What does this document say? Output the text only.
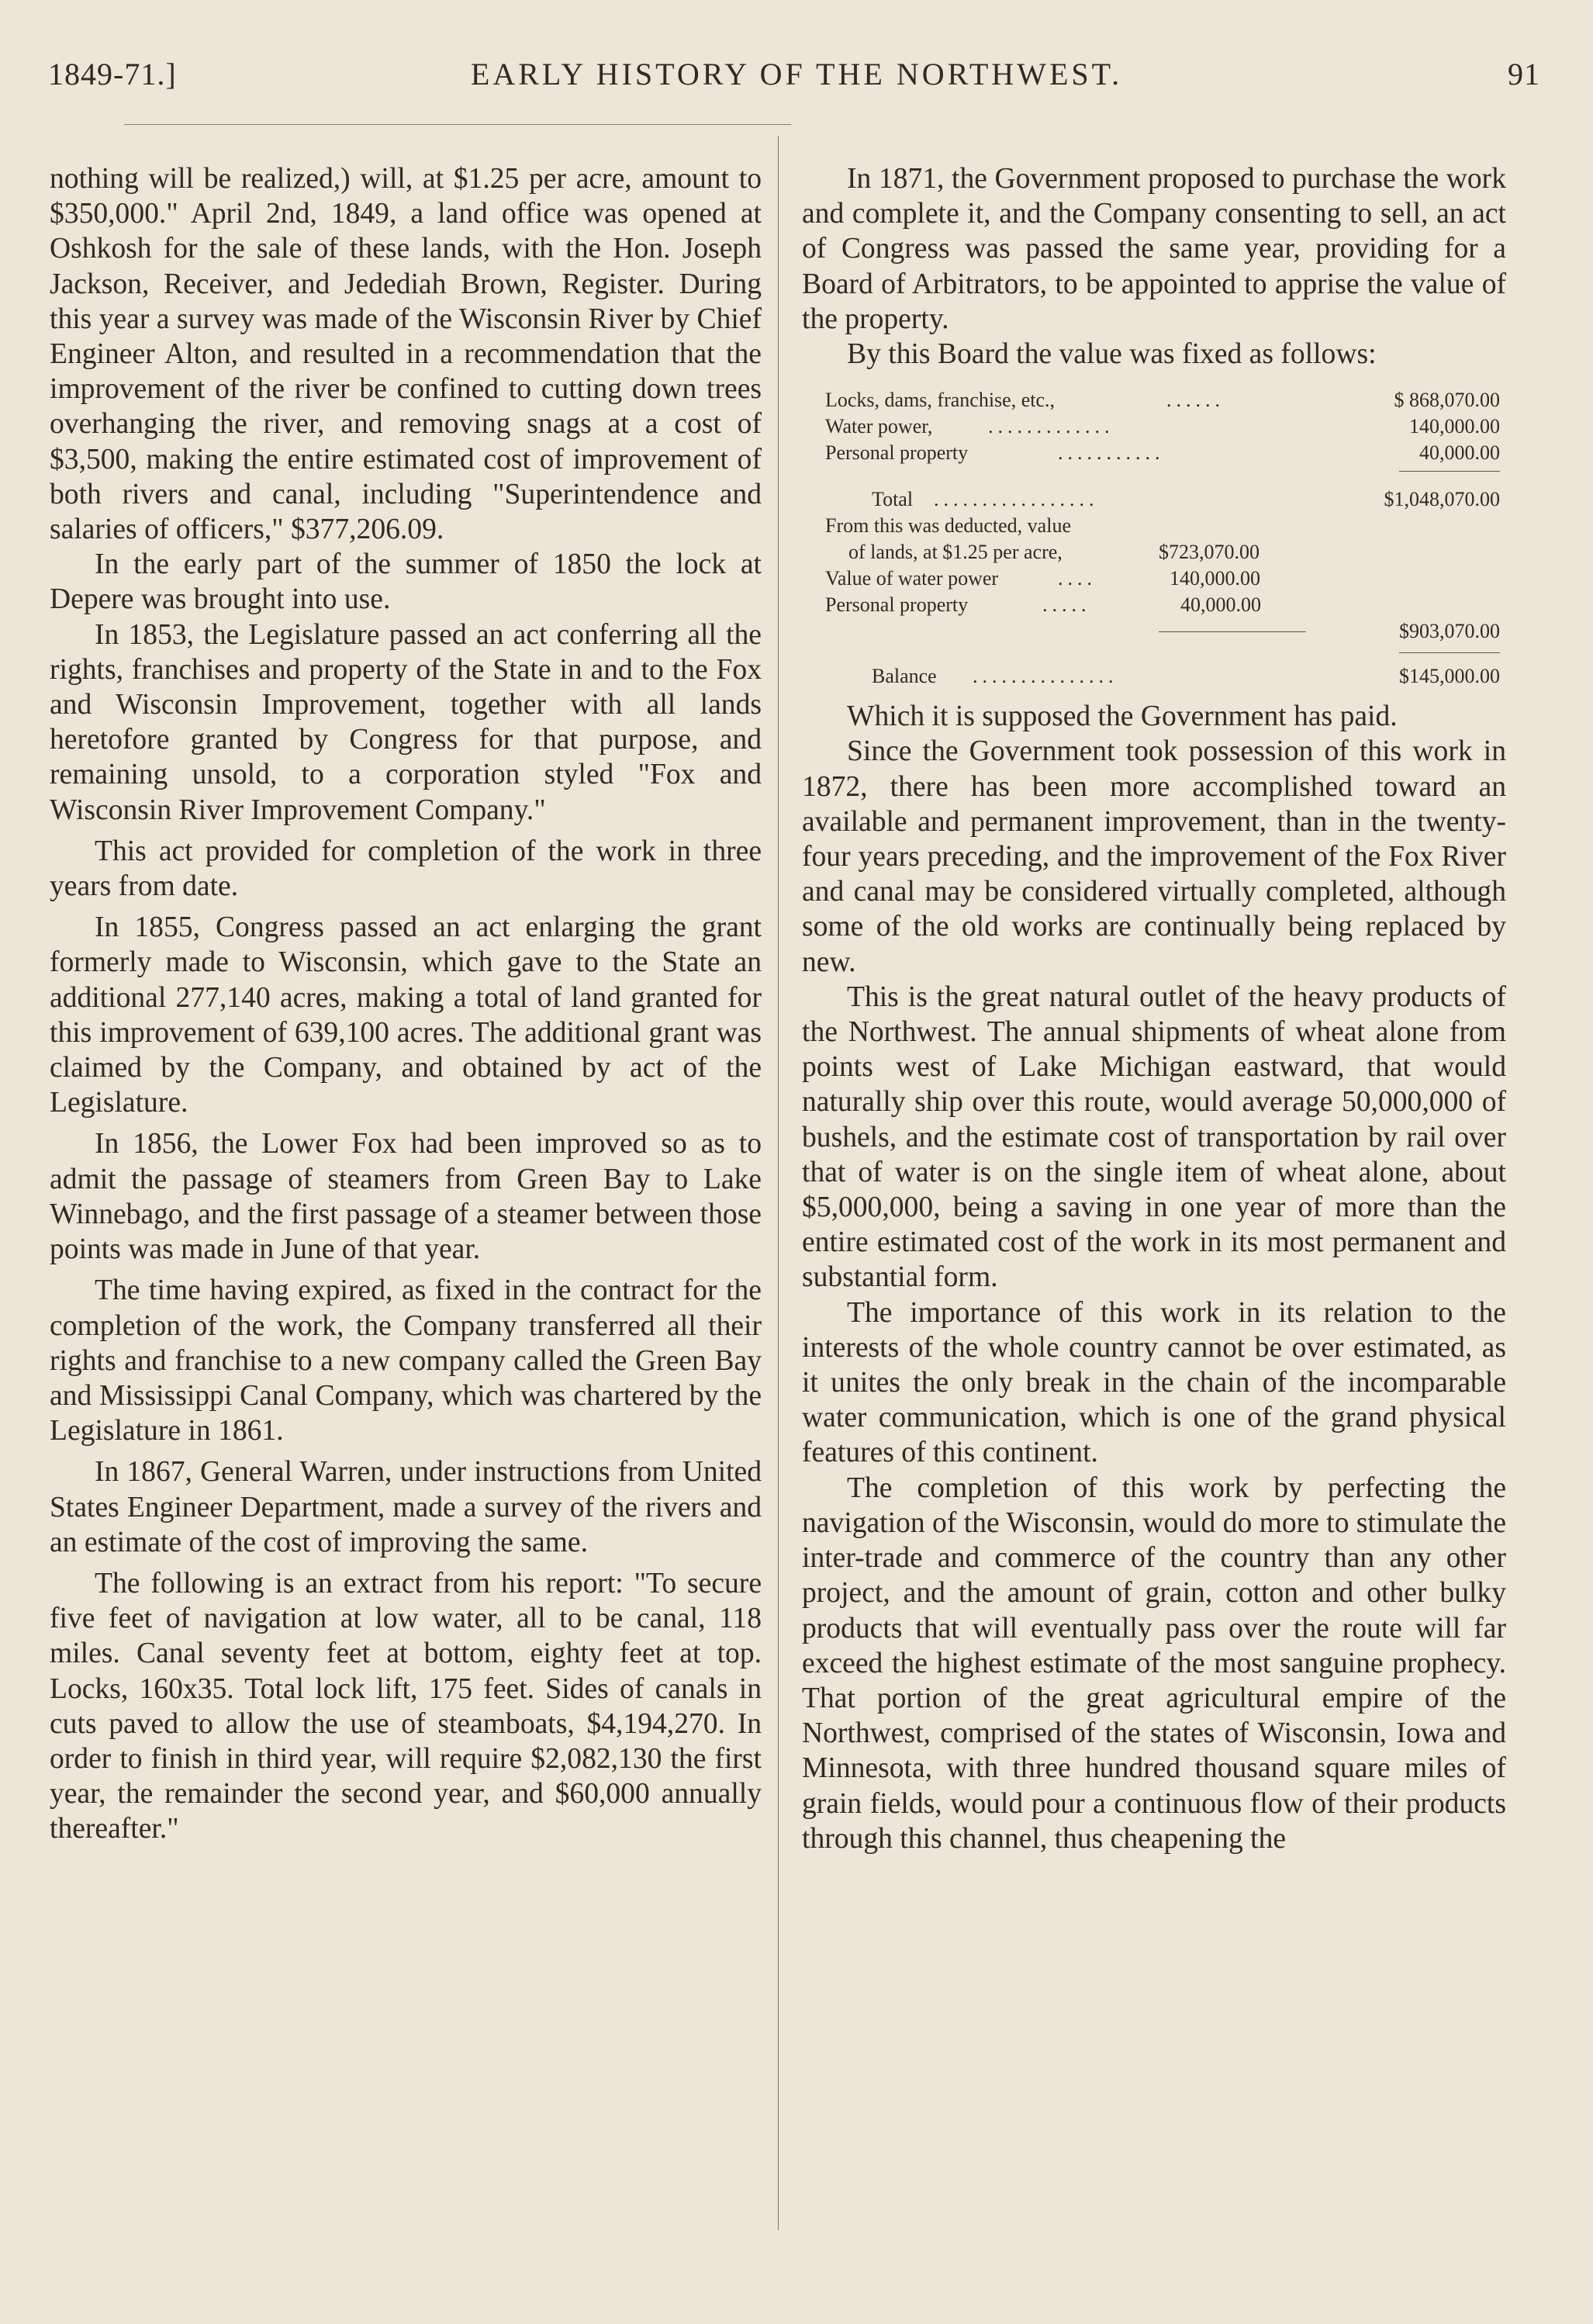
1849-71.]	EARLY HISTORY OF THE NORTHWEST.	91

nothing will be realized,) will, at $1.25 per acre, amount to $350,000." April 2nd, 1849, a land office was opened at Oshkosh for the sale of these lands, with the Hon. Joseph Jackson, Receiver, and Jedediah Brown, Register. During this year a survey was made of the Wisconsin River by Chief Engineer Alton, and resulted in a recommendation that the improvement of the river be confined to cutting down trees overhanging the river, and removing snags at a cost of $3,500, making the entire estimated cost of improvement of both rivers and canal, including "Superintendence and salaries of officers," $377,206.09.

In the early part of the summer of 1850 the lock at Depere was brought into use.

In 1853, the Legislature passed an act conferring all the rights, franchises and property of the State in and to the Fox and Wisconsin Improvement, together with all lands heretofore granted by Congress for that purpose, and remaining unsold, to a corporation styled "Fox and Wisconsin River Improvement Company."

This act provided for completion of the work in three years from date.

In 1855, Congress passed an act enlarging the grant formerly made to Wisconsin, which gave to the State an additional 277,140 acres, making a total of land granted for this improvement of 639,100 acres. The additional grant was claimed by the Company, and obtained by act of the Legislature.

In 1856, the Lower Fox had been improved so as to admit the passage of steamers from Green Bay to Lake Winnebago, and the first passage of a steamer between those points was made in June of that year.

The time having expired, as fixed in the contract for the completion of the work, the Company transferred all their rights and franchise to a new company called the Green Bay and Mississippi Canal Company, which was chartered by the Legislature in 1861.

In 1867, General Warren, under instructions from United States Engineer Department, made a survey of the rivers and an estimate of the cost of improving the same.

The following is an extract from his report: "To secure five feet of navigation at low water, all to be canal, 118 miles. Canal seventy feet at bottom, eighty feet at top. Locks, 160x35. Total lock lift, 175 feet. Sides of canals in cuts paved to allow the use of steamboats, $4,194,270. In order to finish in third year, will require $2,082,130 the first year, the remainder the second year, and $60,000 annually thereafter."

In 1871, the Government proposed to purchase the work and complete it, and the Company consenting to sell, an act of Congress was passed the same year, providing for a Board of Arbitrators, to be appointed to apprise the value of the property.

By this Board the value was fixed as follows:

Locks, dams, franchise, etc.,	......	$ 868,070.00
Water power,	.............	140,000.00
Personal property	...........	40,000.00
Total .................	$1,048,070.00
From this was deducted, value
of lands, at $1.25 per acre,	$723,070.00
Value of water power	....	140,000.00
Personal property	.....	40,000.00
$903,070.00
Balance ...............	$145,000.00

Which it is supposed the Government has paid.

Since the Government took possession of this work in 1872, there has been more accomplished toward an available and permanent improvement, than in the twenty-four years preceding, and the improvement of the Fox River and canal may be considered virtually completed, although some of the old works are continually being replaced by new.

This is the great natural outlet of the heavy products of the Northwest. The annual shipments of wheat alone from points west of Lake Michigan eastward, that would naturally ship over this route, would average 50,000,000 of bushels, and the estimate cost of transportation by rail over that of water is on the single item of wheat alone, about $5,000,000, being a saving in one year of more than the entire estimated cost of the work in its most permanent and substantial form.

The importance of this work in its relation to the interests of the whole country cannot be over estimated, as it unites the only break in the chain of the incomparable water communication, which is one of the grand physical features of this continent.

The completion of this work by perfecting the navigation of the Wisconsin, would do more to stimulate the inter-trade and commerce of the country than any other project, and the amount of grain, cotton and other bulky products that will eventually pass over the route will far exceed the highest estimate of the most sanguine prophecy. That portion of the great agricultural empire of the Northwest, comprised of the states of Wisconsin, Iowa and Minnesota, with three hundred thousand square miles of grain fields, would pour a continuous flow of their products through this channel, thus cheapening the
